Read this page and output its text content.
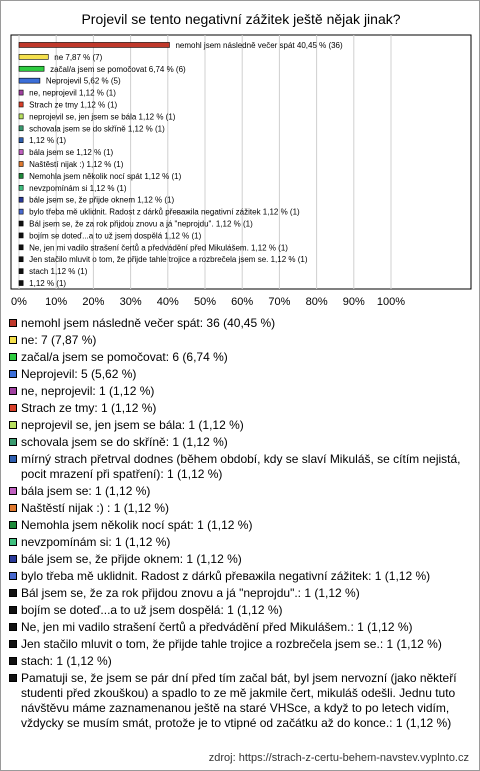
Projevil se tento negativní zážitek ještě nějak jinak?
0% 10% 20% 30% 40% 50% 60% 70% 80% 90% 100%
nemohl jsem následně večer spát 40,45 % (36)
ne 7,87 % (7)
začal/a jsem se pomočovat 6,74 % (6)
Neprojevil 5,62 % (5)
ne, neprojevil 1,12 % (1)
Strach ze tmy 1,12 % (1)
neprojevil se, jen jsem se bála 1,12 % (1)
schovala jsem se do skříně 1,12 % (1)
1,12 % (1)
bála jsem se 1,12 % (1)
Naštěstí nijak :) 1,12 % (1)
Nemohla jsem několik nocí spát 1,12 % (1)
nevzpomínám si 1,12 % (1)
bále jsem se, že přijde oknem 1,12 % (1)
bylo třeba mě uklidnit. Radost z dárků přeважila negativní zážitek 1,12 % (1)
Bál jsem se, že za rok přijdou znovu a já "neprojdu". 1,12 % (1)
bojím se doteď...a to už jsem dospělá 1,12 % (1)
Ne, jen mi vadilo strašení čertů a předvádění před Mikulášem. 1,12 % (1)
Jen stačilo mluvit o tom, že přijde tahle trojice a rozbrečela jsem se. 1,12 % (1)
stach 1,12 % (1)
1,12 % (1)
nemohl jsem následně večer spát: 36 (40,45 %)
ne: 7 (7,87 %)
začal/a jsem se pomočovat: 6 (6,74 %)
Neprojevil: 5 (5,62 %)
ne, neprojevil: 1 (1,12 %)
Strach ze tmy: 1 (1,12 %)
neprojevil se, jen jsem se bála: 1 (1,12 %)
schovala jsem se do skříně: 1 (1,12 %)
mírný strach přetrval dodnes (během období, kdy se slaví Mikuláš, se cítím nejistá, pocit mrazení při spatření): 1 (1,12 %)
bála jsem se: 1 (1,12 %)
Naštěstí nijak :) : 1 (1,12 %)
Nemohla jsem několik nocí spát: 1 (1,12 %)
nevzpomínám si: 1 (1,12 %)
bále jsem se, že přijde oknem: 1 (1,12 %)
bylo třeba mě uklidnit. Radost z dárků přeважila negativní zážitek: 1 (1,12 %)
Bál jsem se, že za rok přijdou znovu a já "neprojdu".: 1 (1,12 %)
bojím se doteď...a to už jsem dospělá: 1 (1,12 %)
Ne, jen mi vadilo strašení čertů a předvádění před Mikulášem.: 1 (1,12 %)
Jen stačilo mluvit o tom, že přijde tahle trojice a rozbrečela jsem se.: 1 (1,12 %)
stach: 1 (1,12 %)
Pamatuji se, že jsem se pár dní před tím začal bát, byl jsem nervozní (jako někteří studenti před zkouškou) a spadlo to ze mě jakmile čert, mikuláš odešli. Jednu tuto návštěvu máme zaznamenanou ještě na staré VHSce, a když to po letech vidím, vždycky se musím smát, protože je to vtipné od začátku až do konce.: 1 (1,12 %)
zdroj: https://strach-z-certu-behem-navstev.vyplnto.cz
